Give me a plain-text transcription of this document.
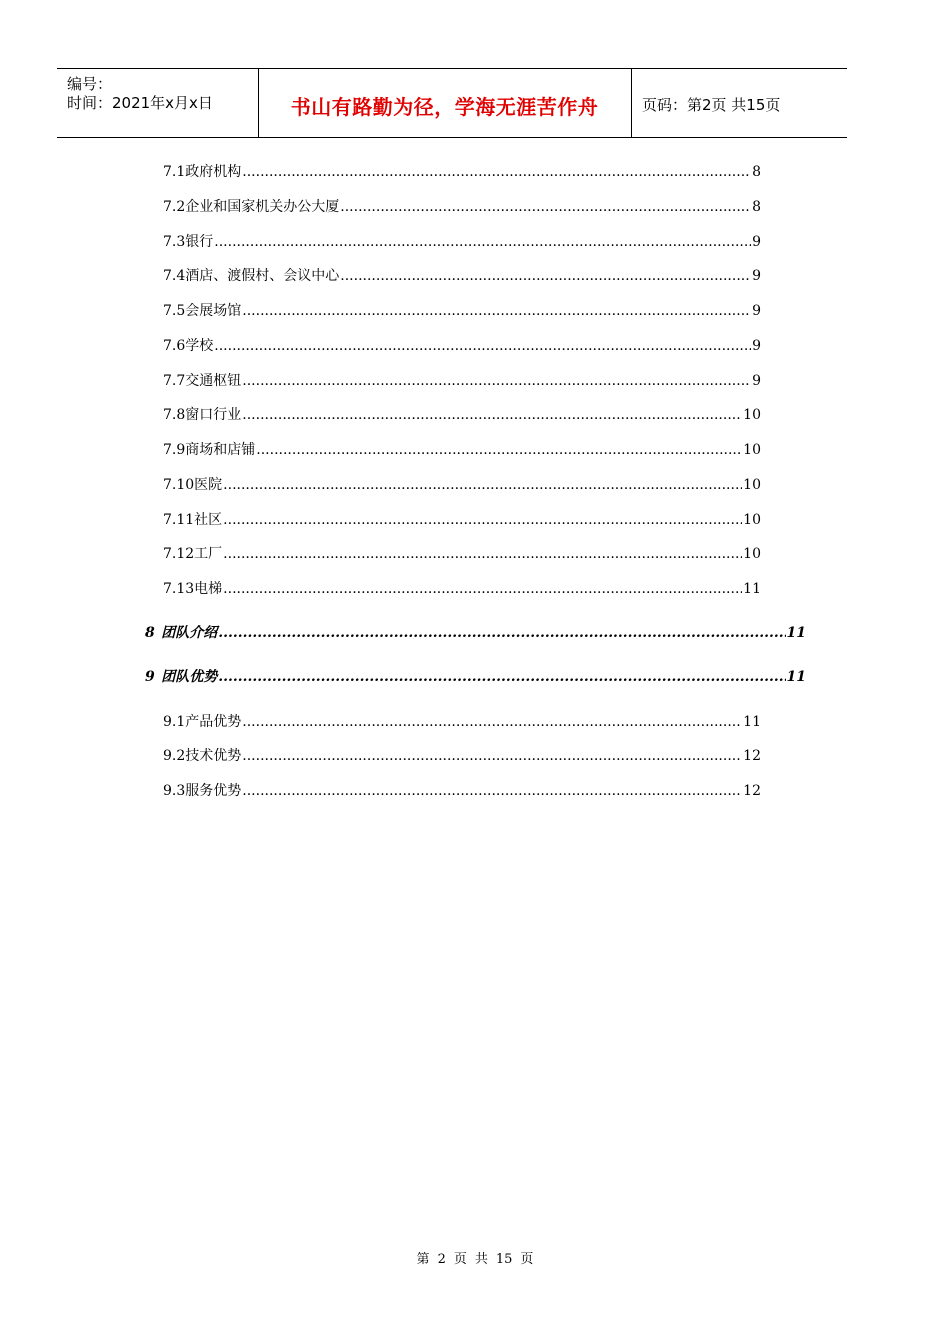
编号：
时间：2021年x月x日	书山有路勤为径，学海无涯苦作舟	页码：第2页 共15页
7.1 政府机构 .....	8
7.2 企业和国家机关办公大厦 .....	8
7.3 银行 .....	9
7.4 酒店、渡假村、会议中心 .....	9
7.5 会展场馆 .....	9
7.6 学校 .....	9
7.7 交通枢钮 .....	9
7.8 窗口行业 .....	10
7.9 商场和店铺 .....	10
7.10 医院 .....	10
7.11 社区 .....	10
7.12 工厂 .....	10
7.13 电梯 .....	11
8 团队介绍 .....	11
9 团队优势 .....	11
9.1 产品优势 .....	11
9.2 技术优势 .....	12
9.3 服务优势 .....	12
第 2 页 共 15 页
